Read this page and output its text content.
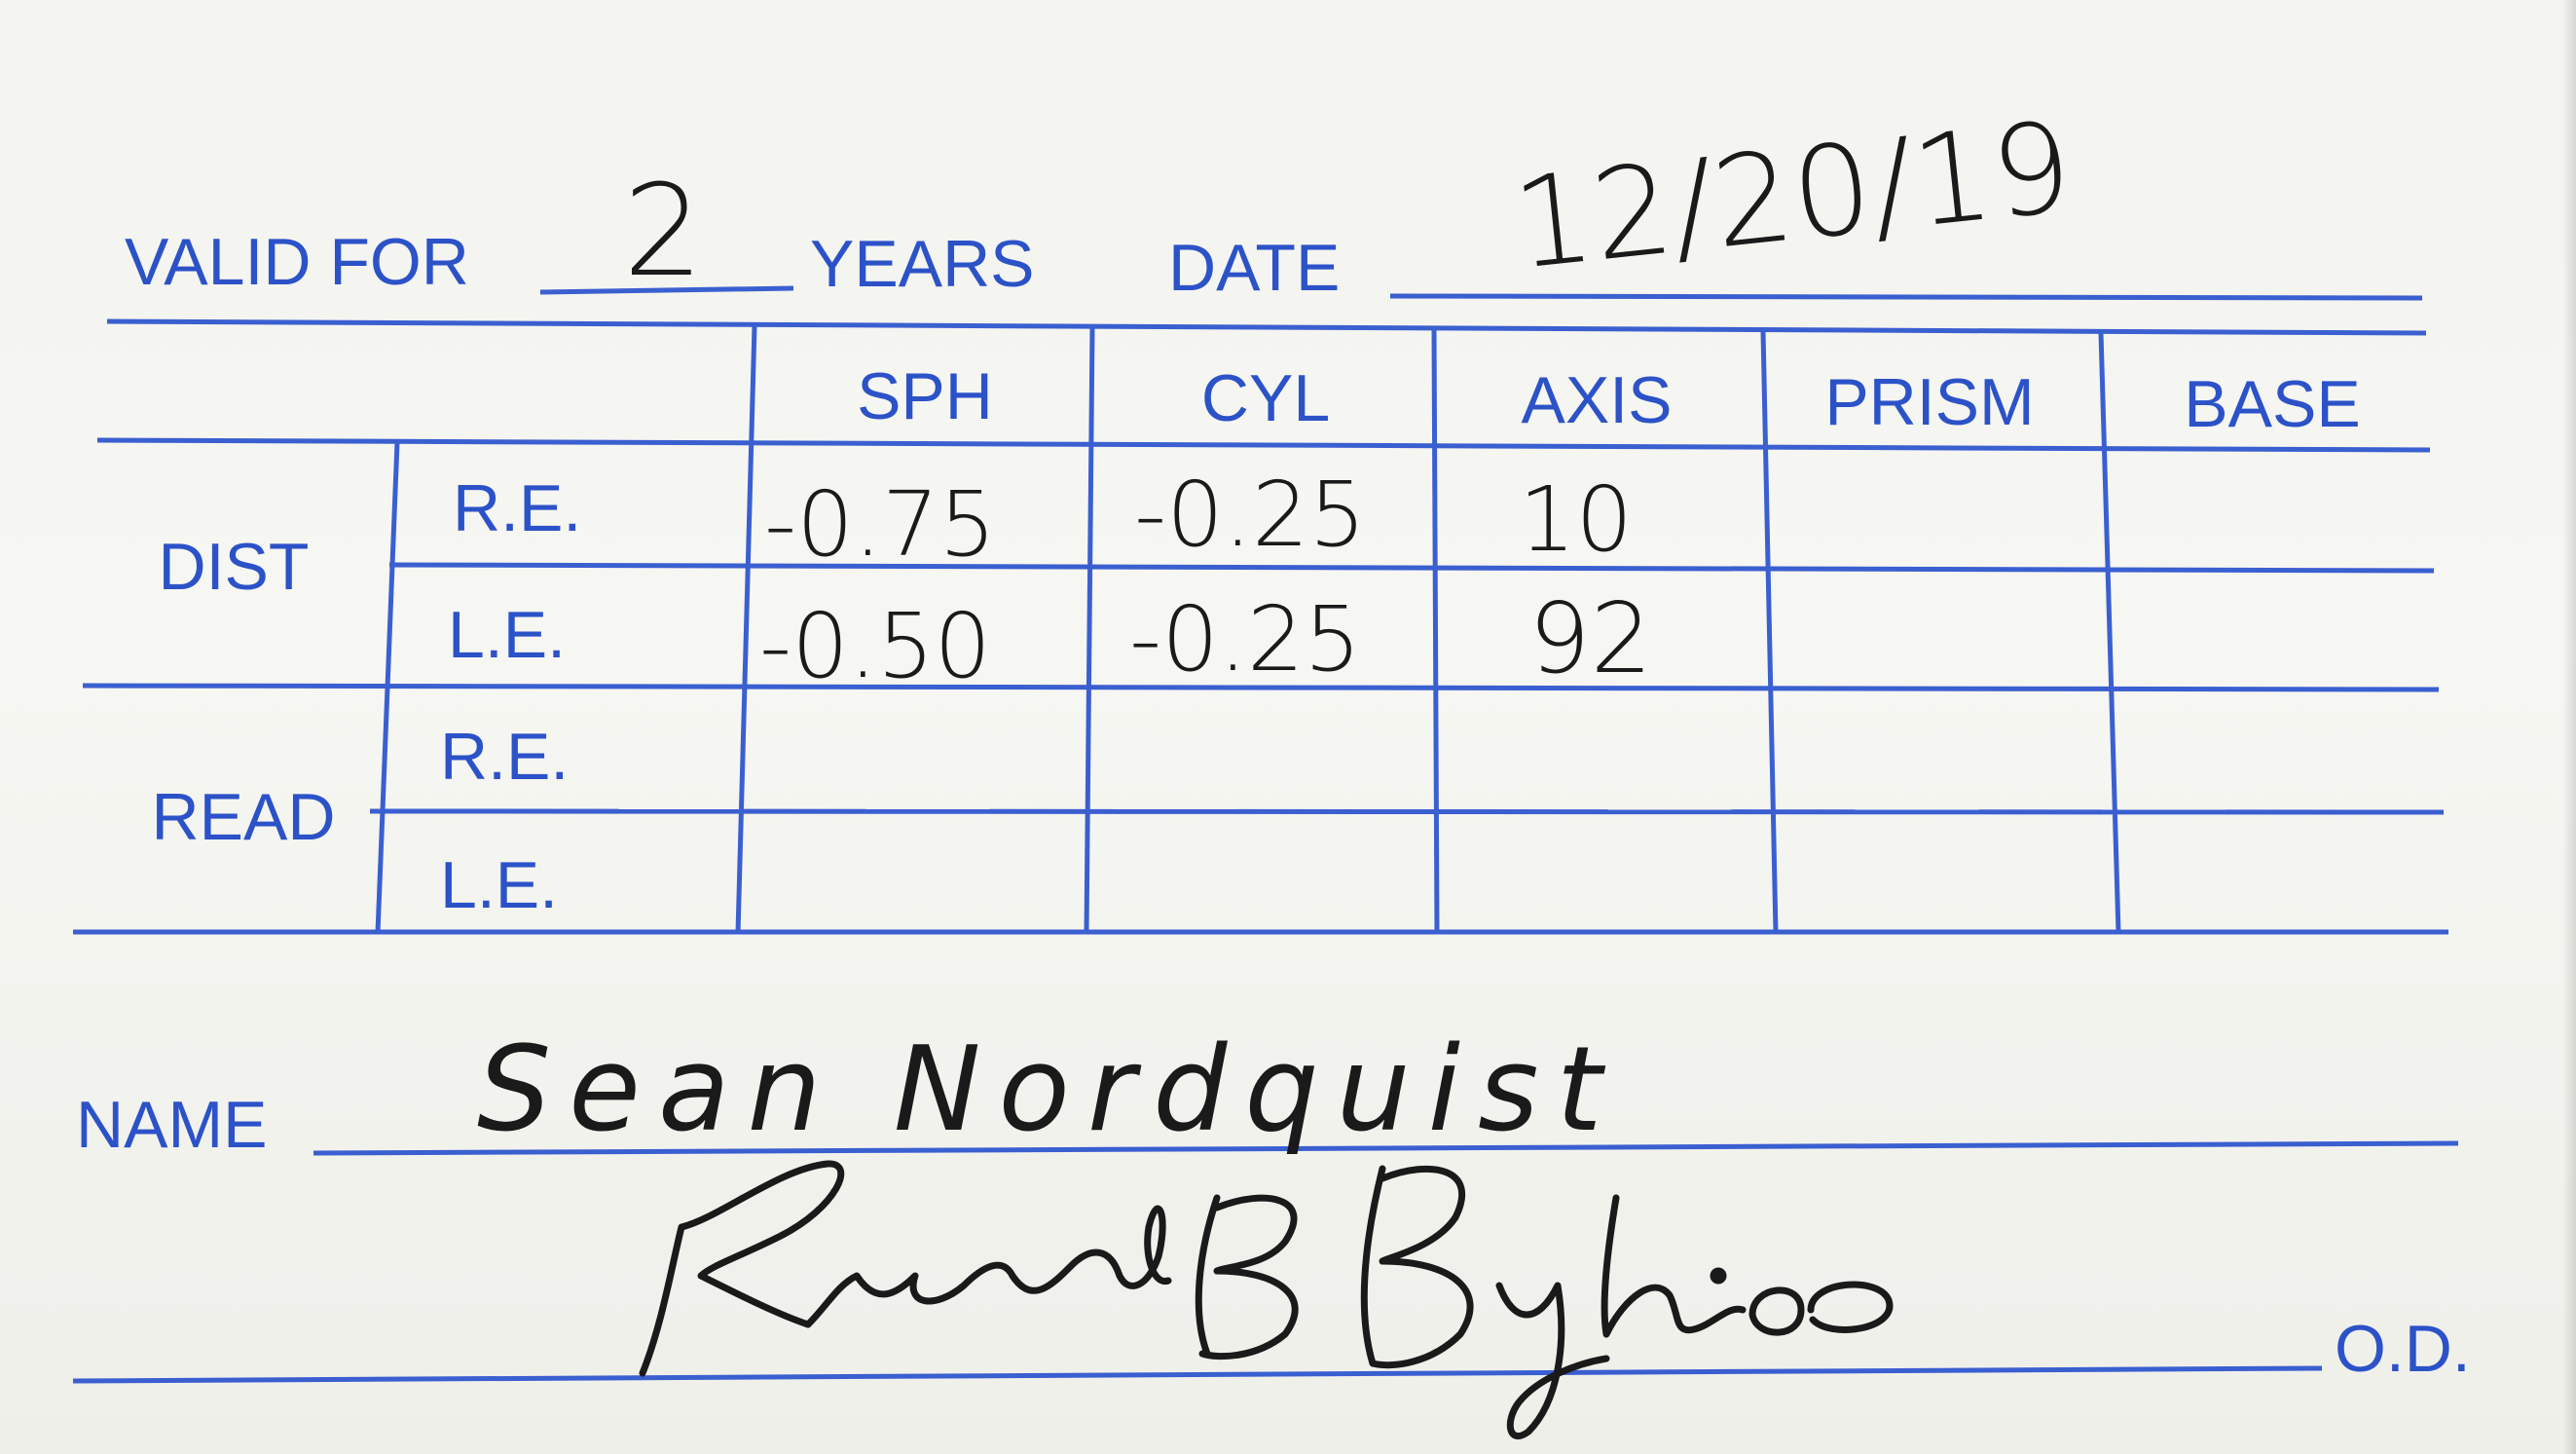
VALID FOR 2 YEARS DATE 12/20/19
SPH	CYL	AXIS PRISM BASE
DIST
READ
R.E.
L.E.
R.E.
L.E.
-0.75 -0.25 10
-0.50 -0.25 92
NAME Sean Nordquist
O.D.
